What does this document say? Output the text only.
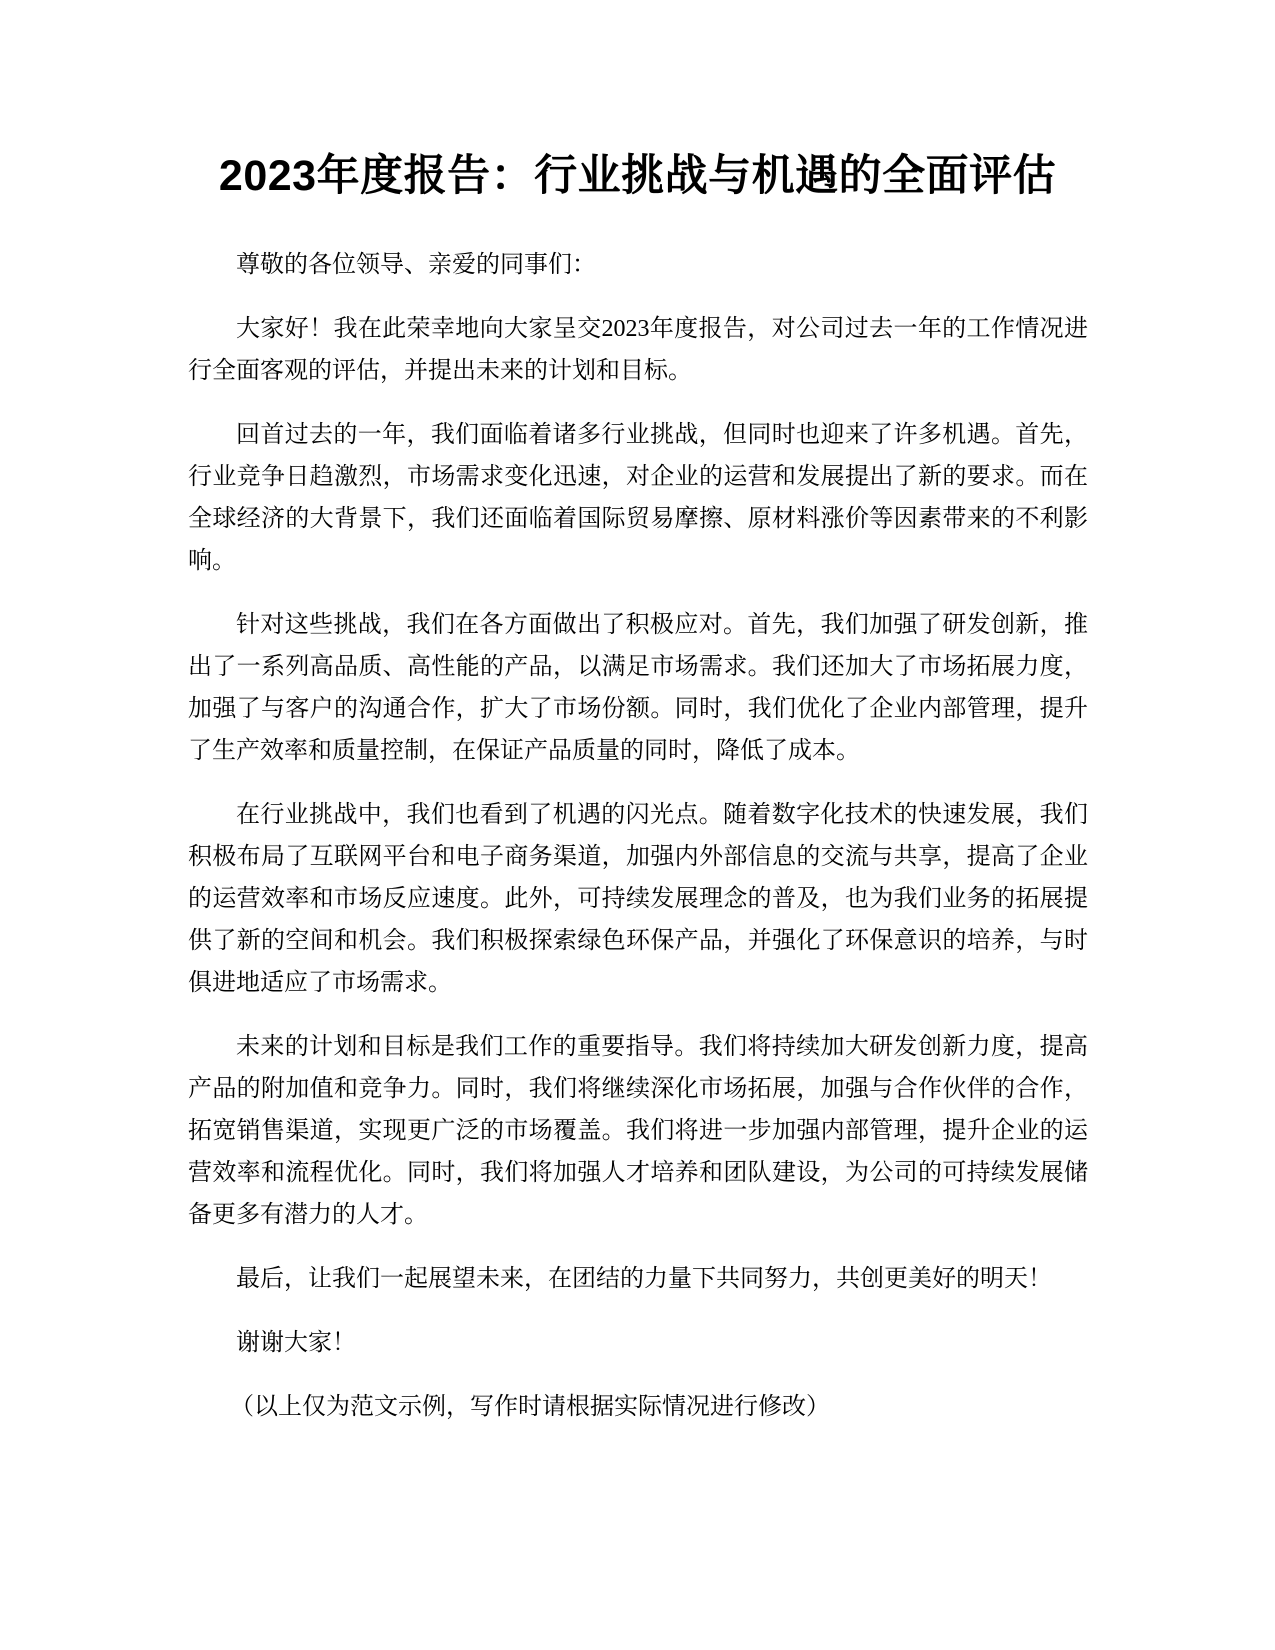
2023年度报告：行业挑战与机遇的全面评估

尊敬的各位领导、亲爱的同事们：

大家好！我在此荣幸地向大家呈交2023年度报告，对公司过去一年的工作情况进行全面客观的评估，并提出未来的计划和目标。

回首过去的一年，我们面临着诸多行业挑战，但同时也迎来了许多机遇。首先，行业竞争日趋激烈，市场需求变化迅速，对企业的运营和发展提出了新的要求。而在全球经济的大背景下，我们还面临着国际贸易摩擦、原材料涨价等因素带来的不利影响。

针对这些挑战，我们在各方面做出了积极应对。首先，我们加强了研发创新，推出了一系列高品质、高性能的产品，以满足市场需求。我们还加大了市场拓展力度，加强了与客户的沟通合作，扩大了市场份额。同时，我们优化了企业内部管理，提升了生产效率和质量控制，在保证产品质量的同时，降低了成本。

在行业挑战中，我们也看到了机遇的闪光点。随着数字化技术的快速发展，我们积极布局了互联网平台和电子商务渠道，加强内外部信息的交流与共享，提高了企业的运营效率和市场反应速度。此外，可持续发展理念的普及，也为我们业务的拓展提供了新的空间和机会。我们积极探索绿色环保产品，并强化了环保意识的培养，与时俱进地适应了市场需求。

未来的计划和目标是我们工作的重要指导。我们将持续加大研发创新力度，提高产品的附加值和竞争力。同时，我们将继续深化市场拓展，加强与合作伙伴的合作，拓宽销售渠道，实现更广泛的市场覆盖。我们将进一步加强内部管理，提升企业的运营效率和流程优化。同时，我们将加强人才培养和团队建设，为公司的可持续发展储备更多有潜力的人才。

最后，让我们一起展望未来，在团结的力量下共同努力，共创更美好的明天！

谢谢大家！

（以上仅为范文示例，写作时请根据实际情况进行修改）
